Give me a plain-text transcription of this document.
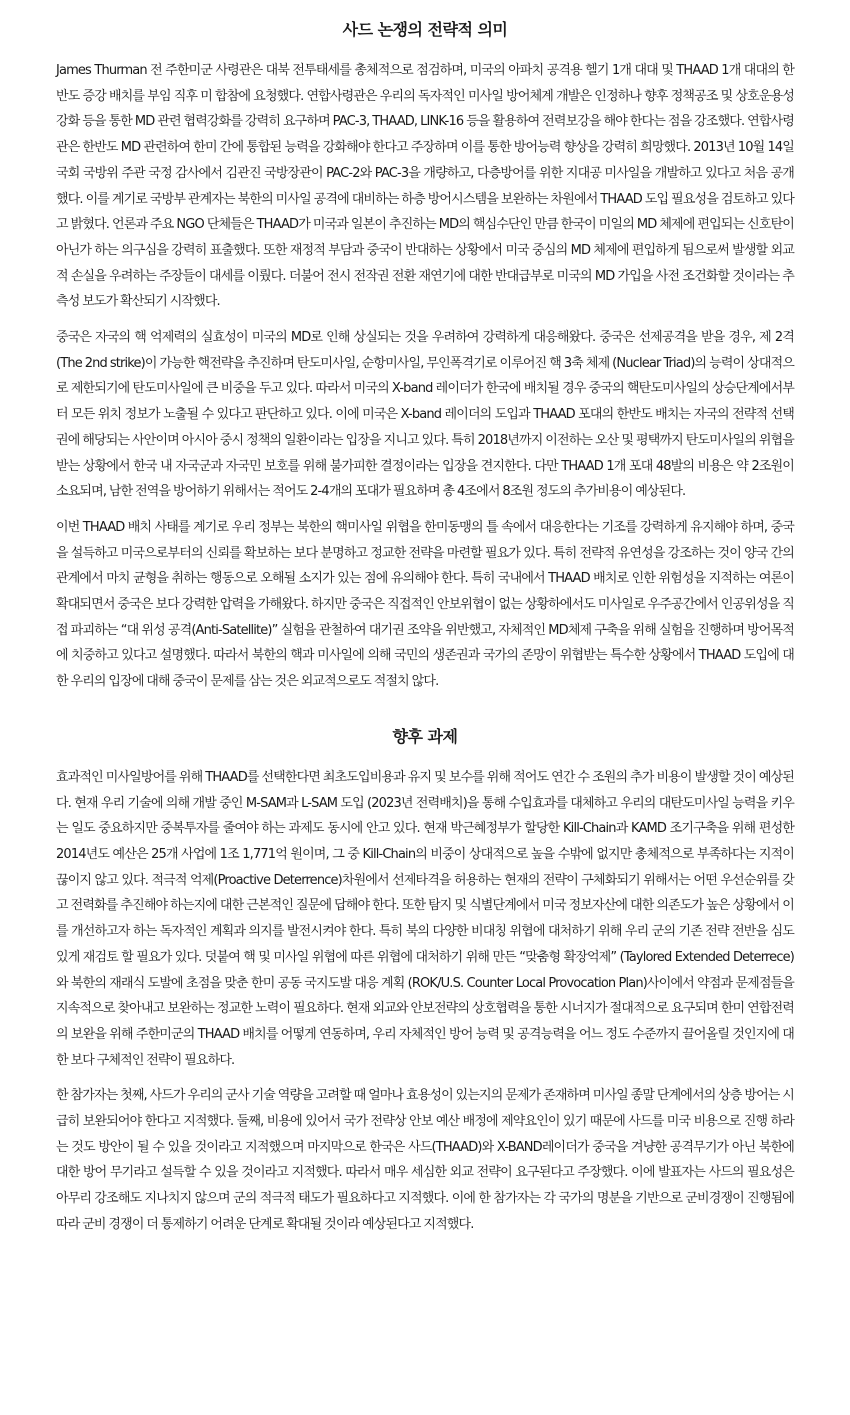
사드 논쟁의 전략적 의미

James Thurman 전 주한미군 사령관은 대북 전투태세를 총체적으로 점검하며, 미국의 아파치 공격용 헬기 1개 대대 및 THAAD 1개 대대의 한반도 증강 배치를 부임 직후 미 합참에 요청했다. 연합사령관은 우리의 독자적인 미사일 방어체계 개발은 인정하나 향후 정책공조 및 상호운용성 강화 등을 통한 MD 관련 협력강화를 강력히 요구하며 PAC-3, THAAD, LINK-16 등을 활용하여 전력보강을 해야 한다는 점을 강조했다. 연합사령관은 한반도 MD 관련하여 한미 간에 통합된 능력을 강화해야 한다고 주장하며 이를 통한 방어능력 향상을 강력히 희망했다. 2013년 10월 14일 국회 국방위 주관 국정 감사에서 김관진 국방장관이 PAC-2와 PAC-3을 개량하고, 다층방어를 위한 지대공 미사일을 개발하고 있다고 처음 공개했다. 이를 계기로 국방부 관계자는 북한의 미사일 공격에 대비하는 하층 방어시스템을 보완하는 차원에서 THAAD 도입 필요성을 검토하고 있다고 밝혔다. 언론과 주요 NGO 단체들은 THAAD가 미국과 일본이 추진하는 MD의 핵심수단인 만큼 한국이 미일의 MD 체제에 편입되는 신호탄이 아닌가 하는 의구심을 강력히 표출했다. 또한 재정적 부담과 중국이 반대하는 상황에서 미국 중심의 MD 체제에 편입하게 됨으로써 발생할 외교적 손실을 우려하는 주장들이 대세를 이뤘다. 더불어 전시 전작권 전환 재연기에 대한 반대급부로 미국의 MD 가입을 사전 조건화할 것이라는 추측성 보도가 확산되기 시작했다.

중국은 자국의 핵 억제력의 실효성이 미국의 MD로 인해 상실되는 것을 우려하여 강력하게 대응해왔다. 중국은 선제공격을 받을 경우, 제 2격 (The 2nd strike)이 가능한 핵전략을 추진하며 탄도미사일, 순항미사일, 무인폭격기로 이루어진 핵 3축 체제 (Nuclear Triad)의 능력이 상대적으로 제한되기에 탄도미사일에 큰 비중을 두고 있다. 따라서 미국의 X-band 레이더가 한국에 배치될 경우 중국의 핵탄도미사일의 상승단계에서부터 모든 위치 정보가 노출될 수 있다고 판단하고 있다. 이에 미국은 X-band 레이더의 도입과 THAAD 포대의 한반도 배치는 자국의 전략적 선택권에 해당되는 사안이며 아시아 중시 정책의 일환이라는 입장을 지니고 있다. 특히 2018년까지 이전하는 오산 및 평택까지 탄도미사일의 위협을 받는 상황에서 한국 내 자국군과 자국민 보호를 위해 불가피한 결정이라는 입장을 견지한다. 다만 THAAD 1개 포대 48발의 비용은 약 2조원이 소요되며, 남한 전역을 방어하기 위해서는 적어도 2-4개의 포대가 필요하며 총 4조에서 8조원 정도의 추가비용이 예상된다.

이번 THAAD 배치 사태를 계기로 우리 정부는 북한의 핵미사일 위협을 한미동맹의 틀 속에서 대응한다는 기조를 강력하게 유지해야 하며, 중국을 설득하고 미국으로부터의 신뢰를 확보하는 보다 분명하고 정교한 전략을 마련할 필요가 있다. 특히 전략적 유연성을 강조하는 것이 양국 간의 관계에서 마치 균형을 취하는 행동으로 오해될 소지가 있는 점에 유의해야 한다. 특히 국내에서 THAAD 배치로 인한 위험성을 지적하는 여론이 확대되면서 중국은 보다 강력한 압력을 가해왔다. 하지만 중국은 직접적인 안보위협이 없는 상황하에서도 미사일로 우주공간에서 인공위성을 직접 파괴하는 “대 위성 공격(Anti-Satellite)” 실험을 관철하여 대기권 조약을 위반했고, 자체적인 MD체제 구축을 위해 실험을 진행하며 방어목적에 치중하고 있다고 설명했다. 따라서 북한의 핵과 미사일에 의해 국민의 생존권과 국가의 존망이 위협받는 특수한 상황에서 THAAD 도입에 대한 우리의 입장에 대해 중국이 문제를 삼는 것은 외교적으로도 적절치 않다.

향후 과제

효과적인 미사일방어를 위해 THAAD를 선택한다면 최초도입비용과 유지 및 보수를 위해 적어도 연간 수 조원의 추가 비용이 발생할 것이 예상된다. 현재 우리 기술에 의해 개발 중인 M-SAM과 L-SAM 도입 (2023년 전력배치)을 통해 수입효과를 대체하고 우리의 대탄도미사일 능력을 키우는 일도 중요하지만 중복투자를 줄여야 하는 과제도 동시에 안고 있다. 현재 박근혜정부가 할당한 Kill-Chain과 KAMD 조기구축을 위해 편성한 2014년도 예산은 25개 사업에 1조 1,771억 원이며, 그 중 Kill-Chain의 비중이 상대적으로 높을 수밖에 없지만 총체적으로 부족하다는 지적이 끊이지 않고 있다. 적극적 억제(Proactive Deterrence)차원에서 선제타격을 허용하는 현재의 전략이 구체화되기 위해서는 어떤 우선순위를 갖고 전력화를 추진해야 하는지에 대한 근본적인 질문에 답해야 한다. 또한 탐지 및 식별단계에서 미국 정보자산에 대한 의존도가 높은 상황에서 이를 개선하고자 하는 독자적인 계획과 의지를 발전시켜야 한다. 특히 북의 다양한 비대칭 위협에 대처하기 위해 우리 군의 기존 전략 전반을 심도 있게 재검토 할 필요가 있다. 덧붙여 핵 및 미사일 위협에 따른 위협에 대처하기 위해 만든 “맞춤형 확장억제” (Taylored Extended Deterrece)와 북한의 재래식 도발에 초점을 맞춘 한미 공동 국지도발 대응 계획 (ROK/U.S. Counter Local Provocation Plan)사이에서 약점과 문제점들을 지속적으로 찾아내고 보완하는 정교한 노력이 필요하다. 현재 외교와 안보전략의 상호협력을 통한 시너지가 절대적으로 요구되며 한미 연합전력의 보완을 위해 주한미군의 THAAD 배치를 어떻게 연동하며, 우리 자체적인 방어 능력 및 공격능력을 어느 정도 수준까지 끌어올릴 것인지에 대한 보다 구체적인 전략이 필요하다.

한 참가자는 첫째, 사드가 우리의 군사 기술 역량을 고려할 때 얼마나 효용성이 있는지의 문제가 존재하며 미사일 종말 단계에서의 상층 방어는 시급히 보완되어야 한다고 지적했다. 둘째, 비용에 있어서 국가 전략상 안보 예산 배정에 제약요인이 있기 때문에 사드를 미국 비용으로 진행 하라는 것도 방안이 될 수 있을 것이라고 지적했으며 마지막으로 한국은 사드(THAAD)와 X-BAND레이더가 중국을 겨냥한 공격무기가 아닌 북한에 대한 방어 무기라고 설득할 수 있을 것이라고 지적했다. 따라서 매우 세심한 외교 전략이 요구된다고 주장했다. 이에 발표자는 사드의 필요성은 아무리 강조해도 지나치지 않으며 군의 적극적 태도가 필요하다고 지적했다. 이에 한 참가자는 각 국가의 명분을 기반으로 군비경쟁이 진행됨에 따라 군비 경쟁이 더 통제하기 어려운 단계로 확대될 것이라 예상된다고 지적했다.
